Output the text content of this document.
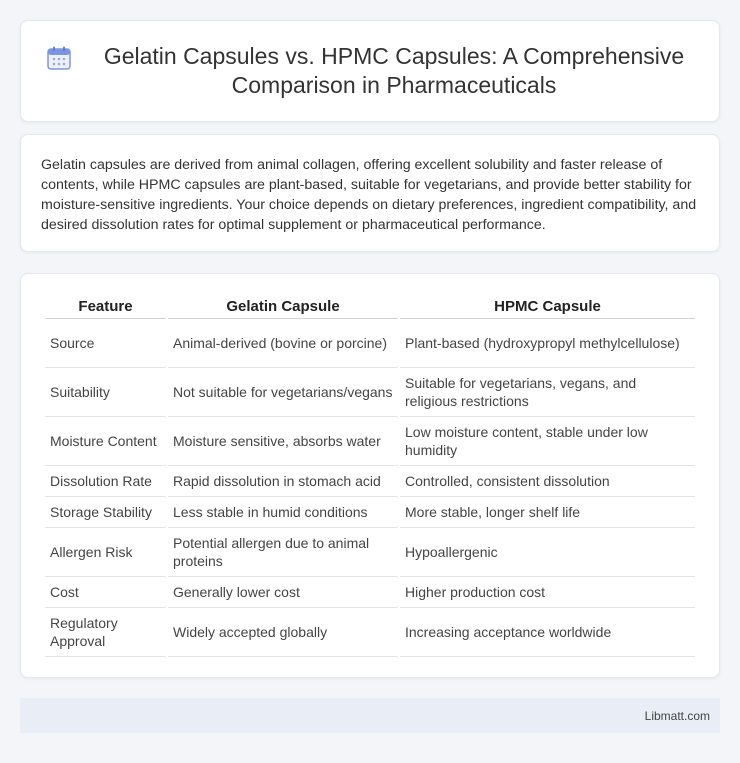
Gelatin Capsules vs. HPMC Capsules: A Comprehensive Comparison in Pharmaceuticals

Gelatin capsules are derived from animal collagen, offering excellent solubility and faster release of contents, while HPMC capsules are plant-based, suitable for vegetarians, and provide better stability for moisture-sensitive ingredients. Your choice depends on dietary preferences, ingredient compatibility, and desired dissolution rates for optimal supplement or pharmaceutical performance.

Feature	Gelatin Capsule	HPMC Capsule
Source	Animal-derived (bovine or porcine)	Plant-based (hydroxypropyl methylcellulose)
Suitability	Not suitable for vegetarians/vegans	Suitable for vegetarians, vegans, and religious restrictions
Moisture Content	Moisture sensitive, absorbs water	Low moisture content, stable under low humidity
Dissolution Rate	Rapid dissolution in stomach acid	Controlled, consistent dissolution
Storage Stability	Less stable in humid conditions	More stable, longer shelf life
Allergen Risk	Potential allergen due to animal proteins	Hypoallergenic
Cost	Generally lower cost	Higher production cost
Regulatory Approval	Widely accepted globally	Increasing acceptance worldwide
Libmatt.com
